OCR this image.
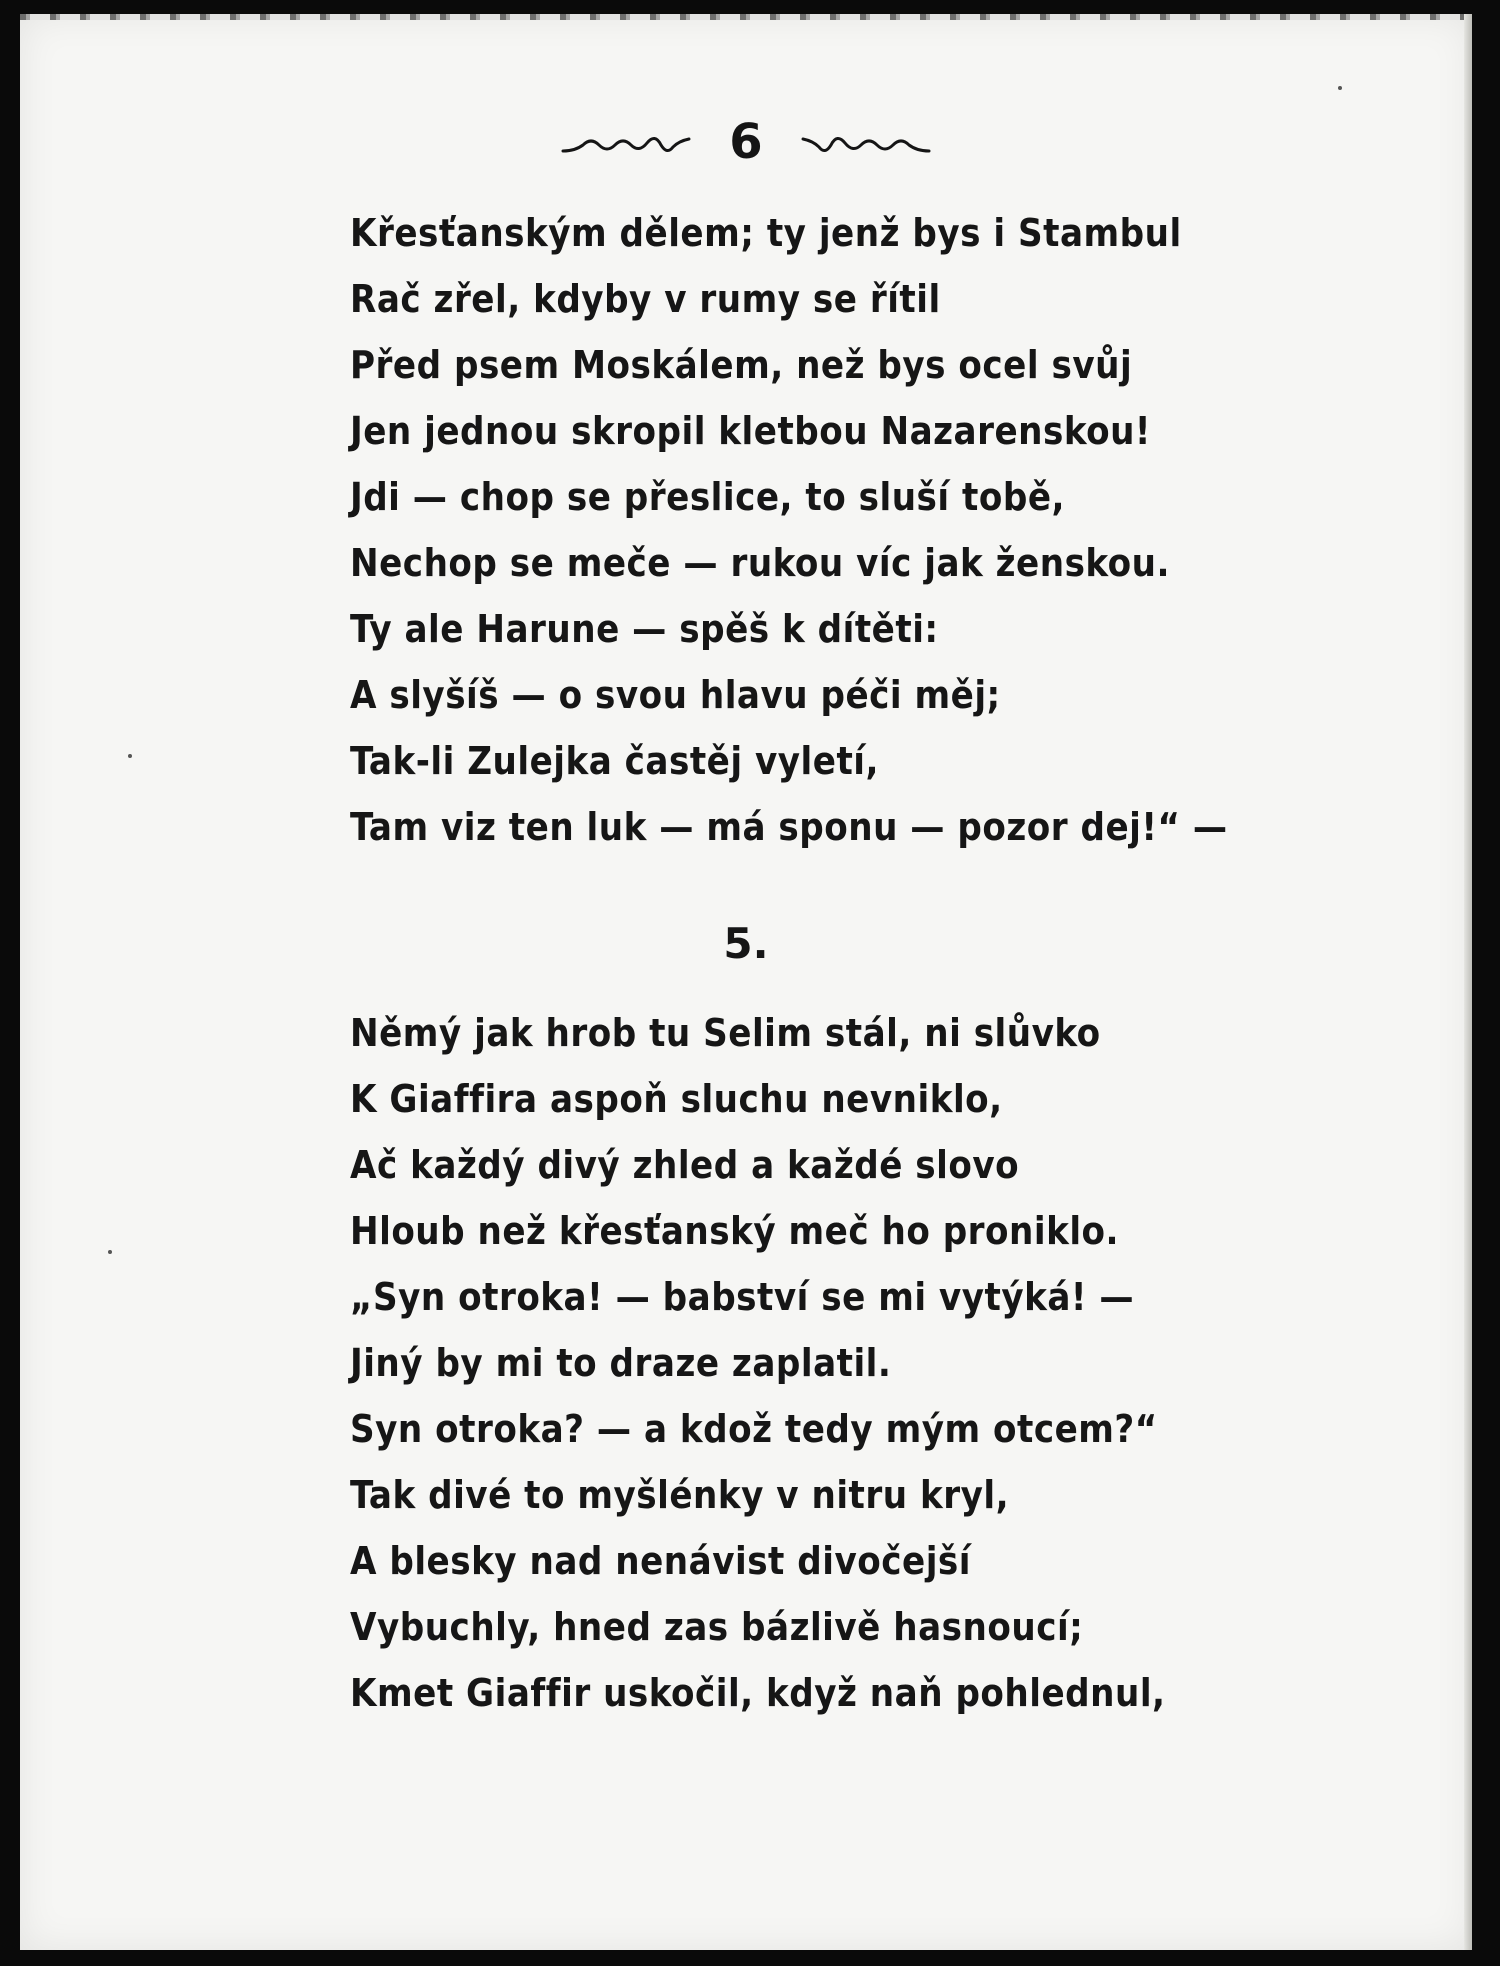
6
Křesťanským dělem; ty jenž bys i Stambul
Rač zřel, kdyby v rumy se řítil
Před psem Moskálem, než bys ocel svůj
Jen jednou skropil kletbou Nazarenskou!
Jdi — chop se přeslice, to sluší tobě,
Nechop se meče — rukou víc jak ženskou.
Ty ale Harune — spěš k dítěti:
A slyšíš — o svou hlavu péči měj;
Tak-li Zulejka častěj vyletí,
Tam viz ten luk — má sponu — pozor dej!“ —
5.
Němý jak hrob tu Selim stál, ni slůvko
K Giaffira aspoň sluchu nevniklo,
Ač každý divý zhled a každé slovo
Hloub než křesťanský meč ho proniklo.
„Syn otroka! — babství se mi vytýká! —
Jiný by mi to draze zaplatil.
Syn otroka? — a kdož tedy mým otcem?“
Tak divé to myšlénky v nitru kryl,
A blesky nad nenávist divočejší
Vybuchly, hned zas bázlivě hasnoucí;
Kmet Giaffir uskočil, když naň pohlednul,
